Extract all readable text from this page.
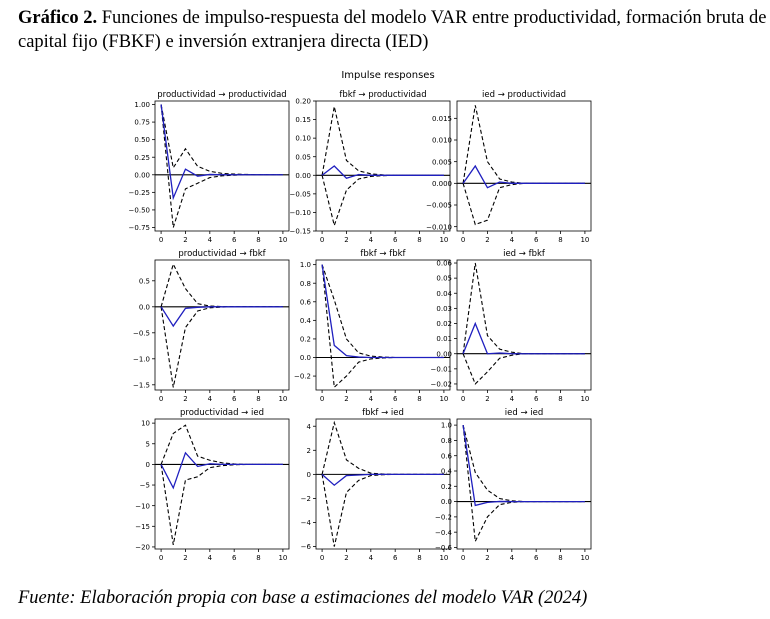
Gráfico 2. Funciones de impulso-respuesta del modelo VAR entre productividad, formación bruta de capital fijo (FBKF) e inversión extranjera directa (IED)
Impulse responses
productividad → productividad
−0.75
−0.50
−0.25
0.00
0.25
0.50
0.75
1.00
0	2	4	6	8	10
fbkf → productividad
−0.15
−0.10
−0.05
0.00
0.05
0.10
0.15
0.20
0	2	4	6	8	10
ied → productividad
−0.010
−0.005
0.000
0.005
0.010
0.015
0	2	4	6	8	10
productividad → fbkf
−1.5
−1.0
−0.5
0.0
0.5
0	2	4	6	8	10
fbkf → fbkf
−0.2
0.0
0.2
0.4
0.6
0.8
1.0
0	2	4	6	8	10
ied → fbkf
−0.02
−0.01
0.00
0.01
0.02
0.03
0.04
0.05
0.06
0	2	4	6	8	10
productividad → ied
−20
−15
−10
−5
0
5
10
0	2	4	6	8	10
fbkf → ied
−6
−4
−2
0
2
4
0	2	4	6	8	10
ied → ied
−0.6
−0.4
−0.2
0.0
0.2
0.4
0.6
0.8
1.0
0	2	4	6	8	10
Fuente: Elaboración propia con base a estimaciones del modelo VAR (2024)
